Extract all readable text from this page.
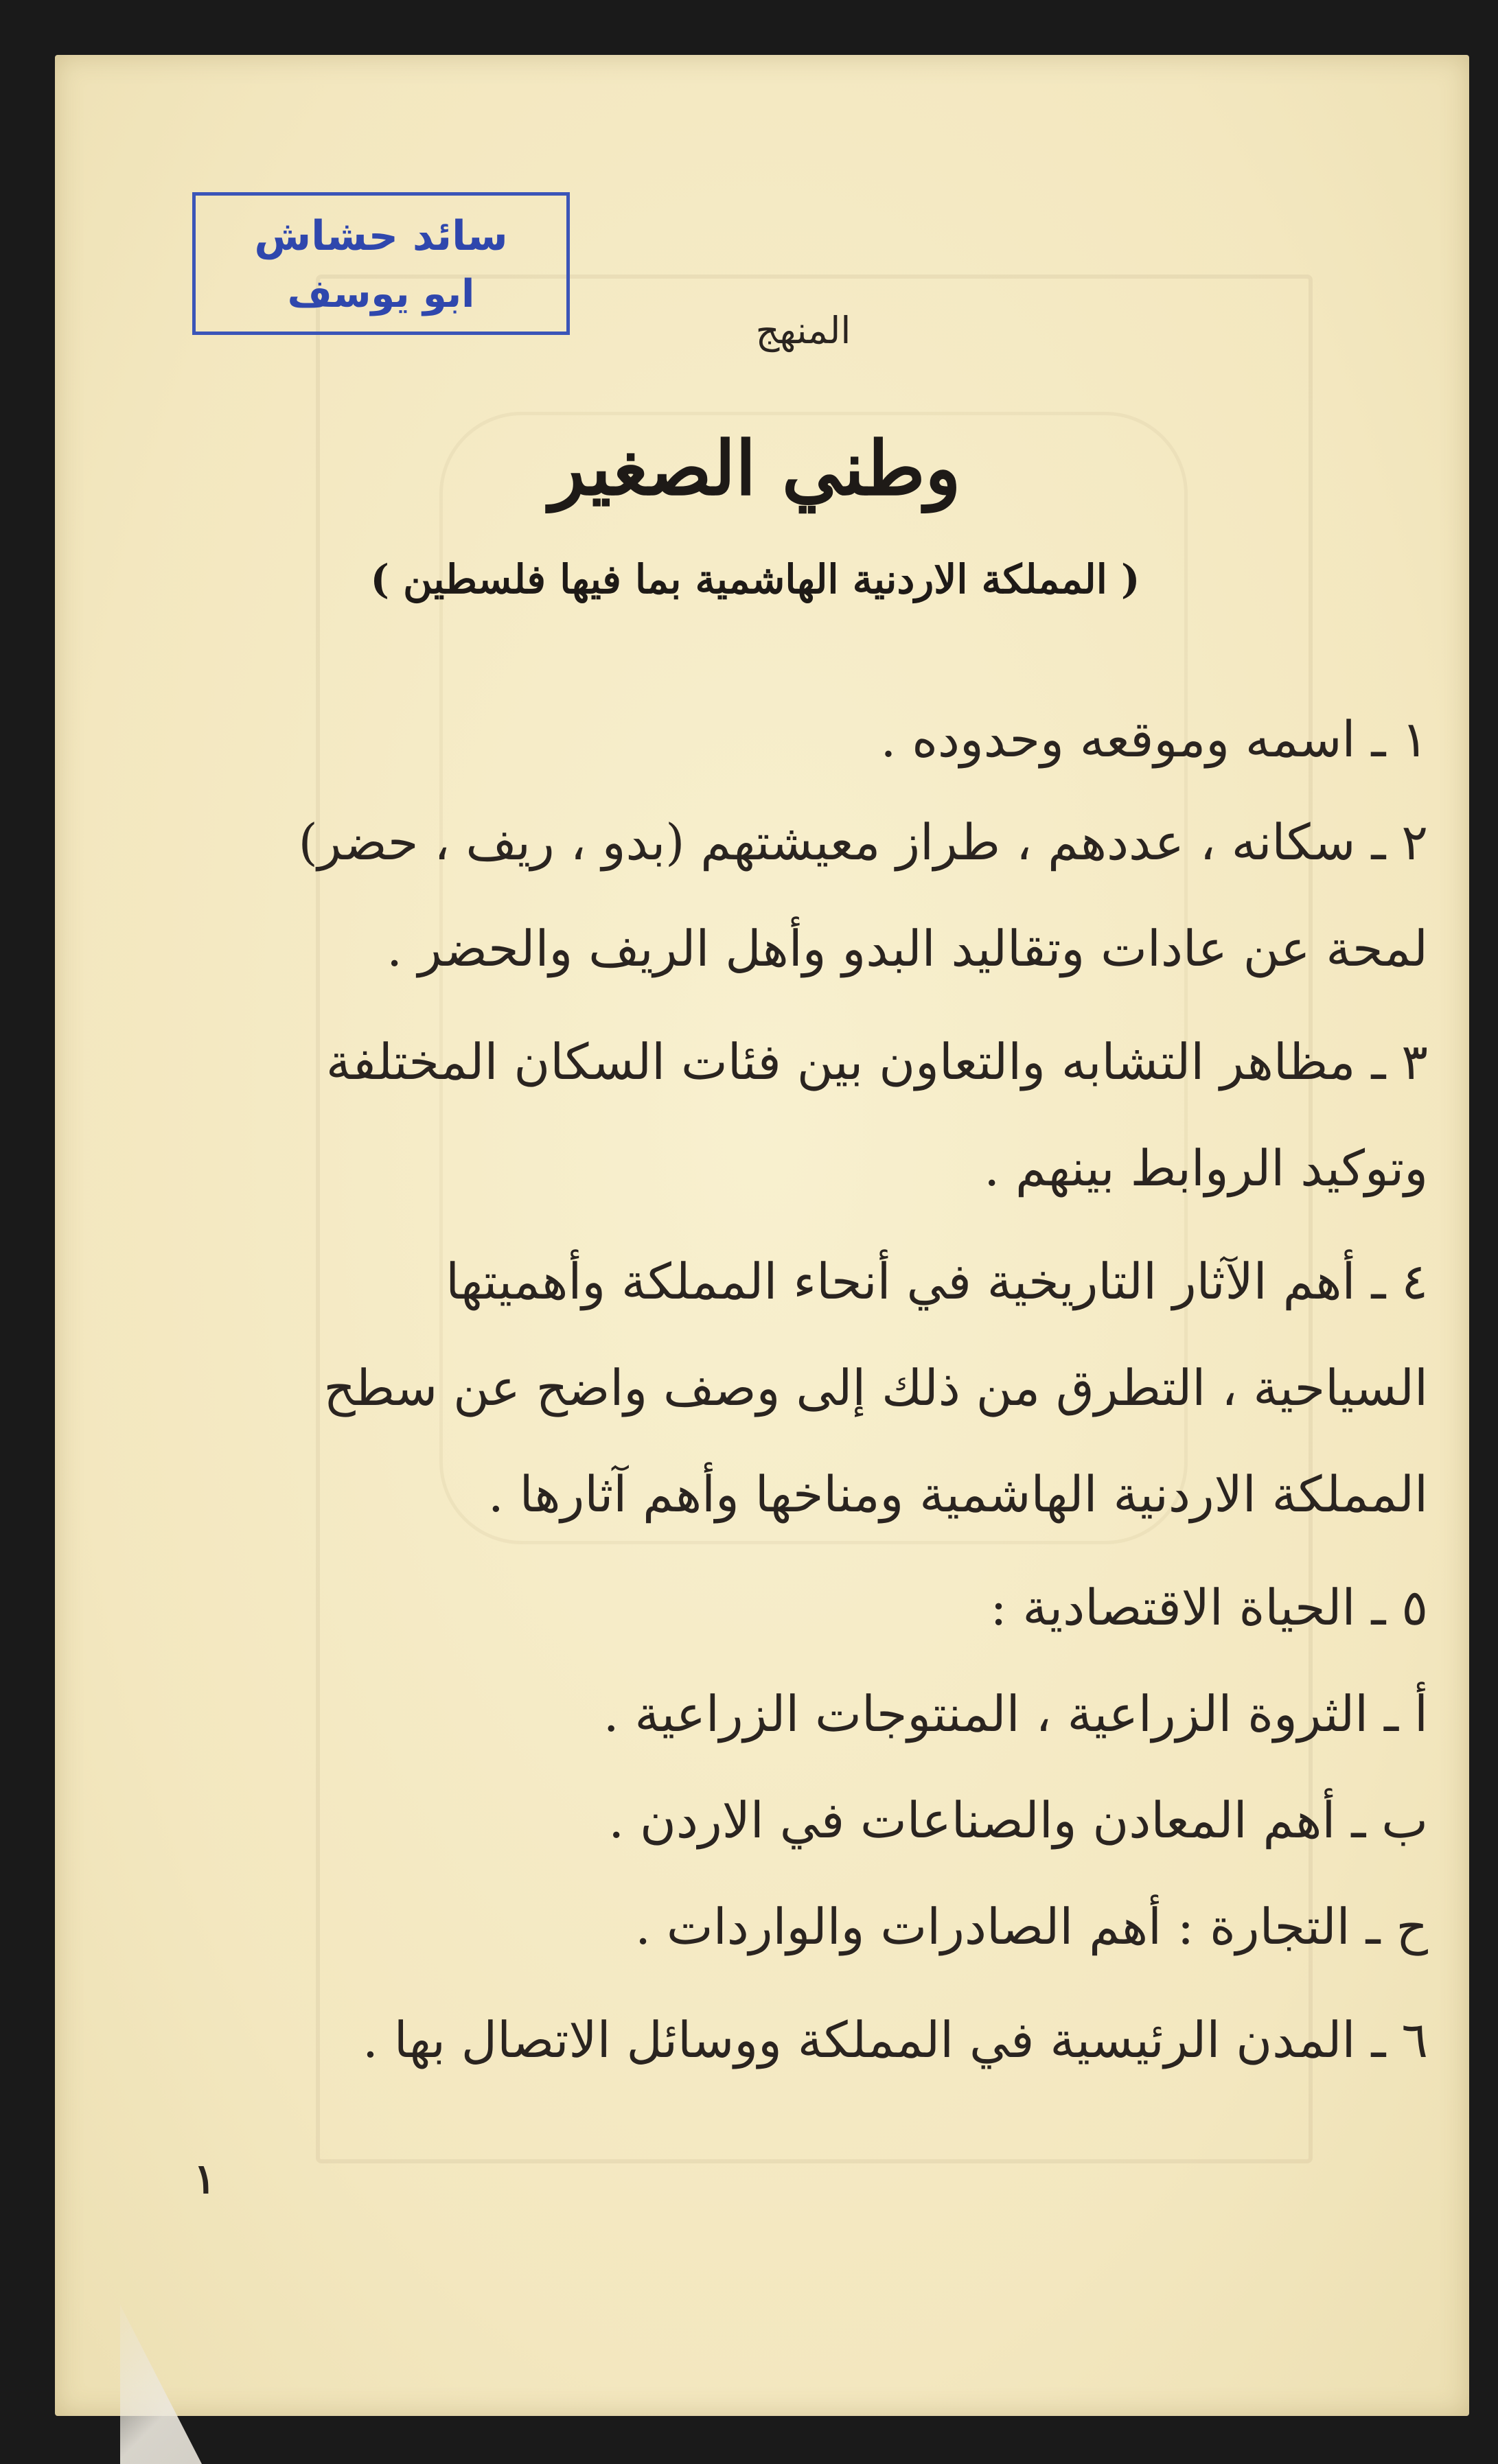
سائد حشاش
ابو يوسف
المنهج
وطني الصغير
( المملكة الاردنية الهاشمية بما فيها فلسطين )
١ ـ اسمه وموقعه وحدوده .
٢ ـ سكانه ، عددهم ، طراز معيشتهم (بدو ، ريف ، حضر)
لمحة عن عادات وتقاليد البدو وأهل الريف والحضر .
٣ ـ مظاهر التشابه والتعاون بين فئات السكان المختلفة
وتوكيد الروابط بينهم .
٤ ـ أهم الآثار التاريخية في أنحاء المملكة وأهميتها
السياحية ، التطرق من ذلك إلى وصف واضح عن سطح
المملكة الاردنية الهاشمية ومناخها وأهم آثارها .
٥ ـ الحياة الاقتصادية :
أ ـ الثروة الزراعية ، المنتوجات الزراعية .
ب ـ أهم المعادن والصناعات في الاردن .
ح ـ التجارة : أهم الصادرات والواردات .
٦ ـ المدن الرئيسية في المملكة ووسائل الاتصال بها .
١
